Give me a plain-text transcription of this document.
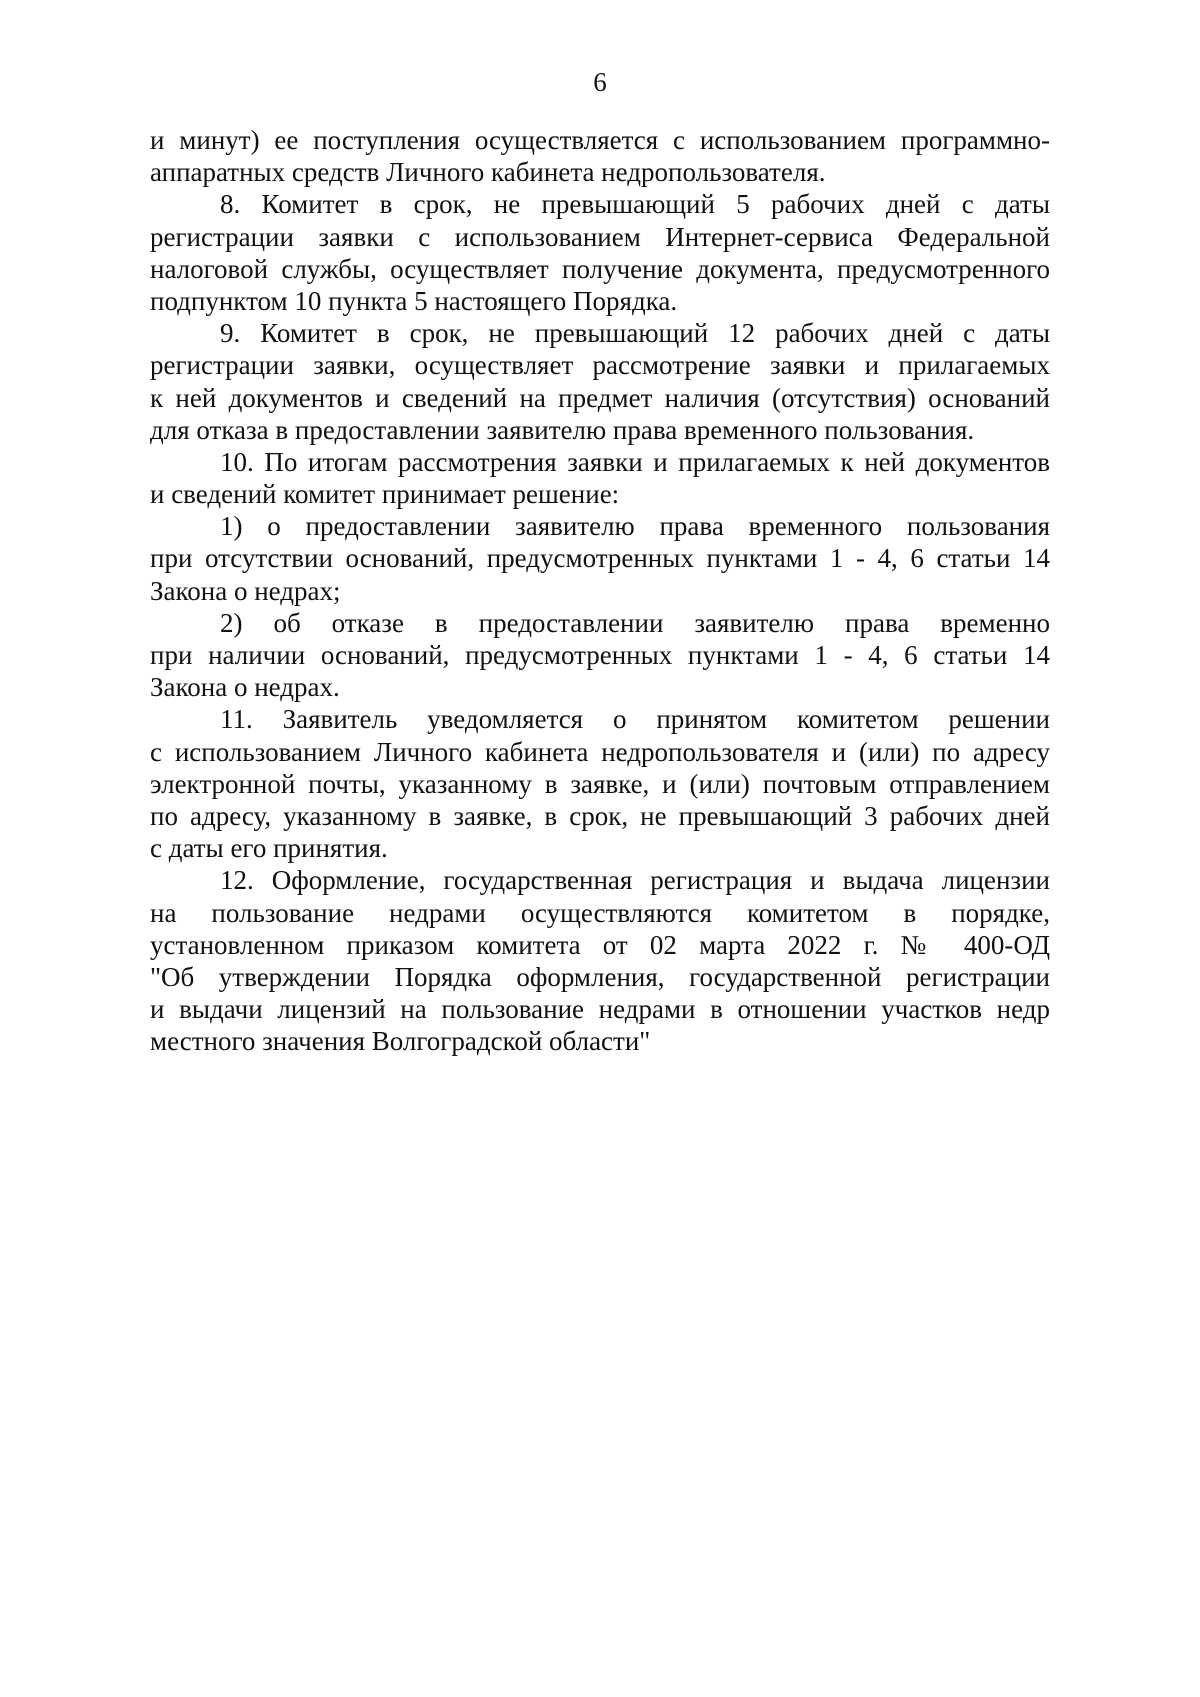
6
и минут) ее поступления осуществляется с использованием программно-
аппаратных средств Личного кабинета недропользователя.
8. Комитет в срок, не превышающий 5 рабочих дней с даты
регистрации заявки с использованием Интернет-сервиса Федеральной
налоговой службы, осуществляет получение документа, предусмотренного
подпунктом 10 пункта 5 настоящего Порядка.
9. Комитет в срок, не превышающий 12 рабочих дней с даты
регистрации заявки, осуществляет рассмотрение заявки и прилагаемых
к ней документов и сведений на предмет наличия (отсутствия) оснований
для отказа в предоставлении заявителю права временного пользования.
10. По итогам рассмотрения заявки и прилагаемых к ней документов
и сведений комитет принимает решение:
1) о предоставлении заявителю права временного пользования
при отсутствии оснований, предусмотренных пунктами 1 - 4, 6 статьи 14
Закона о недрах;
2) об отказе в предоставлении заявителю права временно
при наличии оснований, предусмотренных пунктами 1 - 4, 6 статьи 14
Закона о недрах.
11. Заявитель уведомляется о принятом комитетом решении
с использованием Личного кабинета недропользователя и (или) по адресу
электронной почты, указанному в заявке, и (или) почтовым отправлением
по адресу, указанному в заявке, в срок, не превышающий 3 рабочих дней
с даты его принятия.
12. Оформление, государственная регистрация и выдача лицензии
на пользование недрами осуществляются комитетом в порядке,
установленном приказом комитета от 02 марта 2022 г. № 400-ОД
"Об утверждении Порядка оформления, государственной регистрации
и выдачи лицензий на пользование недрами в отношении участков недр
местного значения Волгоградской области"
